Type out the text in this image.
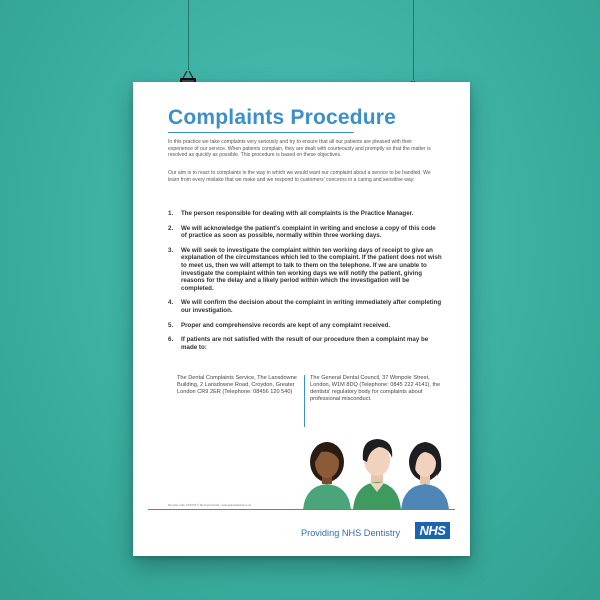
Complaints Procedure
In this practice we take complaints very seriously and try to ensure that all our patients are pleased with their experience of our service. When patients complain, they are dealt with courteously and promptly so that the matter is resolved as quickly as possible. This procedure is based on these objectives.
Our aim is to react to complaints in the way in which we would want our complaint about a service to be handled. We learn from every mistake that we make and we respond to customers' concerns in a caring and sensitive way.
1. The person responsible for dealing with all complaints is the Practice Manager.
2. We will acknowledge the patient's complaint in writing and enclose a copy of this code of practice as soon as possible, normally within three working days.
3. We will seek to investigate the complaint within ten working days of receipt to give an explanation of the circumstances which led to the complaint. If the patient does not wish to meet us, then we will attempt to talk to them on the telephone. If we are unable to investigate the complaint within ten working days we will notify the patient, giving reasons for the delay and a likely period within which the investigation will be completed.
4. We will confirm the decision about the complaint in writing immediately after completing our investigation.
5. Proper and comprehensive records are kept of any complaint received.
6. If patients are not satisfied with the result of our procedure then a complaint may be made to:
The Dental Complaints Service, The Lansdowne Building, 2 Lansdowne Road, Croydon, Greater London CR9 2ER (Telephone: 08456 120 540)
The General Dental Council, 37 Wimpole Street, London, W1M 8DQ (Telephone: 0845 222 4141), the dentists' regulatory body for complaints about professional misconduct.
Re-order code: XXXXXX © We Know Dental · www.weknowdental.co.uk
Providing NHS Dentistry	NHS
